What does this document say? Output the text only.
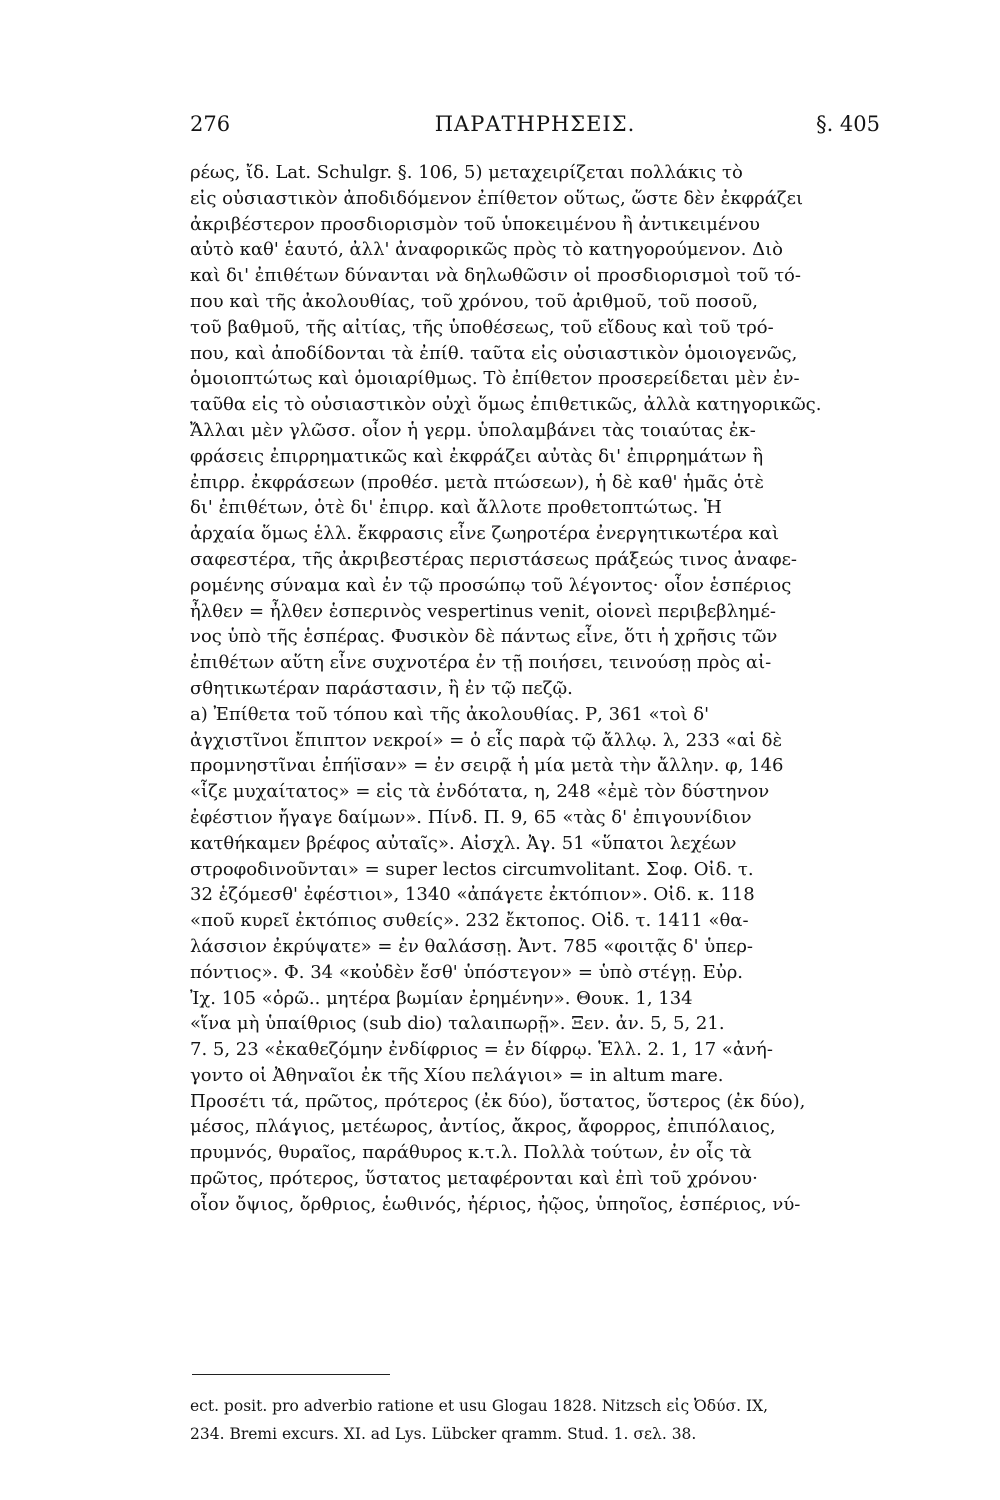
276	ΠΑΡΑΤΗΡΗΣΕΙΣ.	§. 405
ρέως, ἴδ. Lat. Schulgr. §. 106, 5) μεταχειρίζεται πολλάκις τὸ
εἰς οὐσιαστικὸν ἀποδιδόμενον ἐπίθετον οὕτως, ὥστε δὲν ἐκφράζει
ἀκριβέστερον προσδιορισμὸν τοῦ ὑποκειμένου ἢ ἀντικειμένου
αὐτὸ καθ' ἑαυτό, ἀλλ' ἀναφορικῶς πρὸς τὸ κατηγορούμενον. Διὸ
καὶ δι' ἐπιθέτων δύνανται νὰ δηλωθῶσιν οἱ προσδιορισμοὶ τοῦ τό-
που καὶ τῆς ἀκολουθίας, τοῦ χρόνου, τοῦ ἀριθμοῦ, τοῦ ποσοῦ,
τοῦ βαθμοῦ, τῆς αἰτίας, τῆς ὑποθέσεως, τοῦ εἴδους καὶ τοῦ τρό-
που, καὶ ἀποδίδονται τὰ ἐπίθ. ταῦτα εἰς οὐσιαστικὸν ὁμοιογενῶς,
ὁμοιοπτώτως καὶ ὁμοιαρίθμως. Τὸ ἐπίθετον προσερείδεται μὲν ἐν-
ταῦθα εἰς τὸ οὐσιαστικὸν οὐχὶ ὅμως ἐπιθετικῶς, ἀλλὰ κατηγορικῶς.
Ἄλλαι μὲν γλῶσσ. οἷον ἡ γερμ. ὑπολαμβάνει τὰς τοιαύτας ἐκ-
φράσεις ἐπιρρηματικῶς καὶ ἐκφράζει αὐτὰς δι' ἐπιρρημάτων ἢ
ἐπιρρ. ἐκφράσεων (προθέσ. μετὰ πτώσεων), ἡ δὲ καθ' ἡμᾶς ὁτὲ
δι' ἐπιθέτων, ὁτὲ δι' ἐπιρρ. καὶ ἄλλοτε προθετοπτώτως. Ἡ
ἀρχαία ὅμως ἑλλ. ἔκφρασις εἶνε ζωηροτέρα ἐνεργητικωτέρα καὶ
σαφεστέρα, τῆς ἀκριβεστέρας περιστάσεως πράξεώς τινος ἀναφε-
ρομένης σύναμα καὶ ἐν τῷ προσώπῳ τοῦ λέγοντος· οἷον ἑσπέριος
ἦλθεν = ἦλθεν ἑσπερινὸς vespertinus venit, οἱονεὶ περιβεβλημέ-
νος ὑπὸ τῆς ἑσπέρας. Φυσικὸν δὲ πάντως εἶνε, ὅτι ἡ χρῆσις τῶν
ἐπιθέτων αὕτη εἶνε συχνοτέρα ἐν τῇ ποιήσει, τεινούσῃ πρὸς αἰ-
σθητικωτέραν παράστασιν, ἢ ἐν τῷ πεζῷ.
a) Ἐπίθετα τοῦ τόπου καὶ τῆς ἀκολουθίας. Ρ, 361 «τοὶ δ'
ἀγχιστῖνοι ἔπιπτον νεκροί» = ὁ εἷς παρὰ τῷ ἄλλῳ. λ, 233 «αἱ δὲ
προμνηστῖναι ἐπήϊσαν» = ἐν σειρᾷ ἡ μία μετὰ τὴν ἄλλην. φ, 146
«ἷζε μυχαίτατος» = εἰς τὰ ἐνδότατα, η, 248 «ἐμὲ τὸν δύστηνον
ἐφέστιον ἤγαγε δαίμων». Πίνδ. Π. 9, 65 «τὰς δ' ἐπιγουνίδιον
κατθήκαμεν βρέφος αὐταῖς». Αἰσχλ. Ἀγ. 51 «ὕπατοι λεχέων
στροφοδινοῦνται» = super lectos circumvolitant. Σοφ. Οἰδ. τ.
32 ἑζόμεσθ' ἐφέστιοι», 1340 «ἀπάγετε ἐκτόπιον». Οἰδ. κ. 118
«ποῦ κυρεῖ ἐκτόπιος συθείς». 232 ἔκτοπος. Οἰδ. τ. 1411 «θα-
λάσσιον ἐκρύψατε» = ἐν θαλάσσῃ. Ἀντ. 785 «φοιτᾷς δ' ὑπερ-
πόντιος». Φ. 34 «κοὐδὲν ἔσθ' ὑπόστεγον» = ὑπὸ στέγῃ. Εὐρ.
Ἰχ. 105 «ὁρῶ.. μητέρα βωμίαν ἐρημένην». Θουκ. 1, 134
«ἵνα μὴ ὑπαίθριος (sub dio) ταλαιπωρῇ». Ξεν. ἀν. 5, 5, 21.
7. 5, 23 «ἐκαθεζόμην ἐνδίφριος = ἐν δίφρῳ. Ἑλλ. 2. 1, 17 «ἀνή-
γοντο οἱ Ἀθηναῖοι ἐκ τῆς Χίου πελάγιοι» = in altum mare.
Προσέτι τά, πρῶτος, πρότερος (ἐκ δύο), ὕστατος, ὕστερος (ἐκ δύο),
μέσος, πλάγιος, μετέωρος, ἀντίος, ἄκρος, ἄφορρος, ἐπιπόλαιος,
πρυμνός, θυραῖος, παράθυρος κ.τ.λ. Πολλὰ τούτων, ἐν οἷς τὰ
πρῶτος, πρότερος, ὕστατος μεταφέρονται καὶ ἐπὶ τοῦ χρόνου·
οἷον ὄψιος, ὄρθριος, ἑωθινός, ἠέριος, ἠῷος, ὑπηοῖος, ἑσπέριος, νύ-
ect. posit. pro adverbio ratione et usu Glogau 1828. Nitzsch εἰς Ὀδύσ. IX,
234. Bremi excurs. XI. ad Lys. Lübcker qramm. Stud. 1. σελ. 38.
